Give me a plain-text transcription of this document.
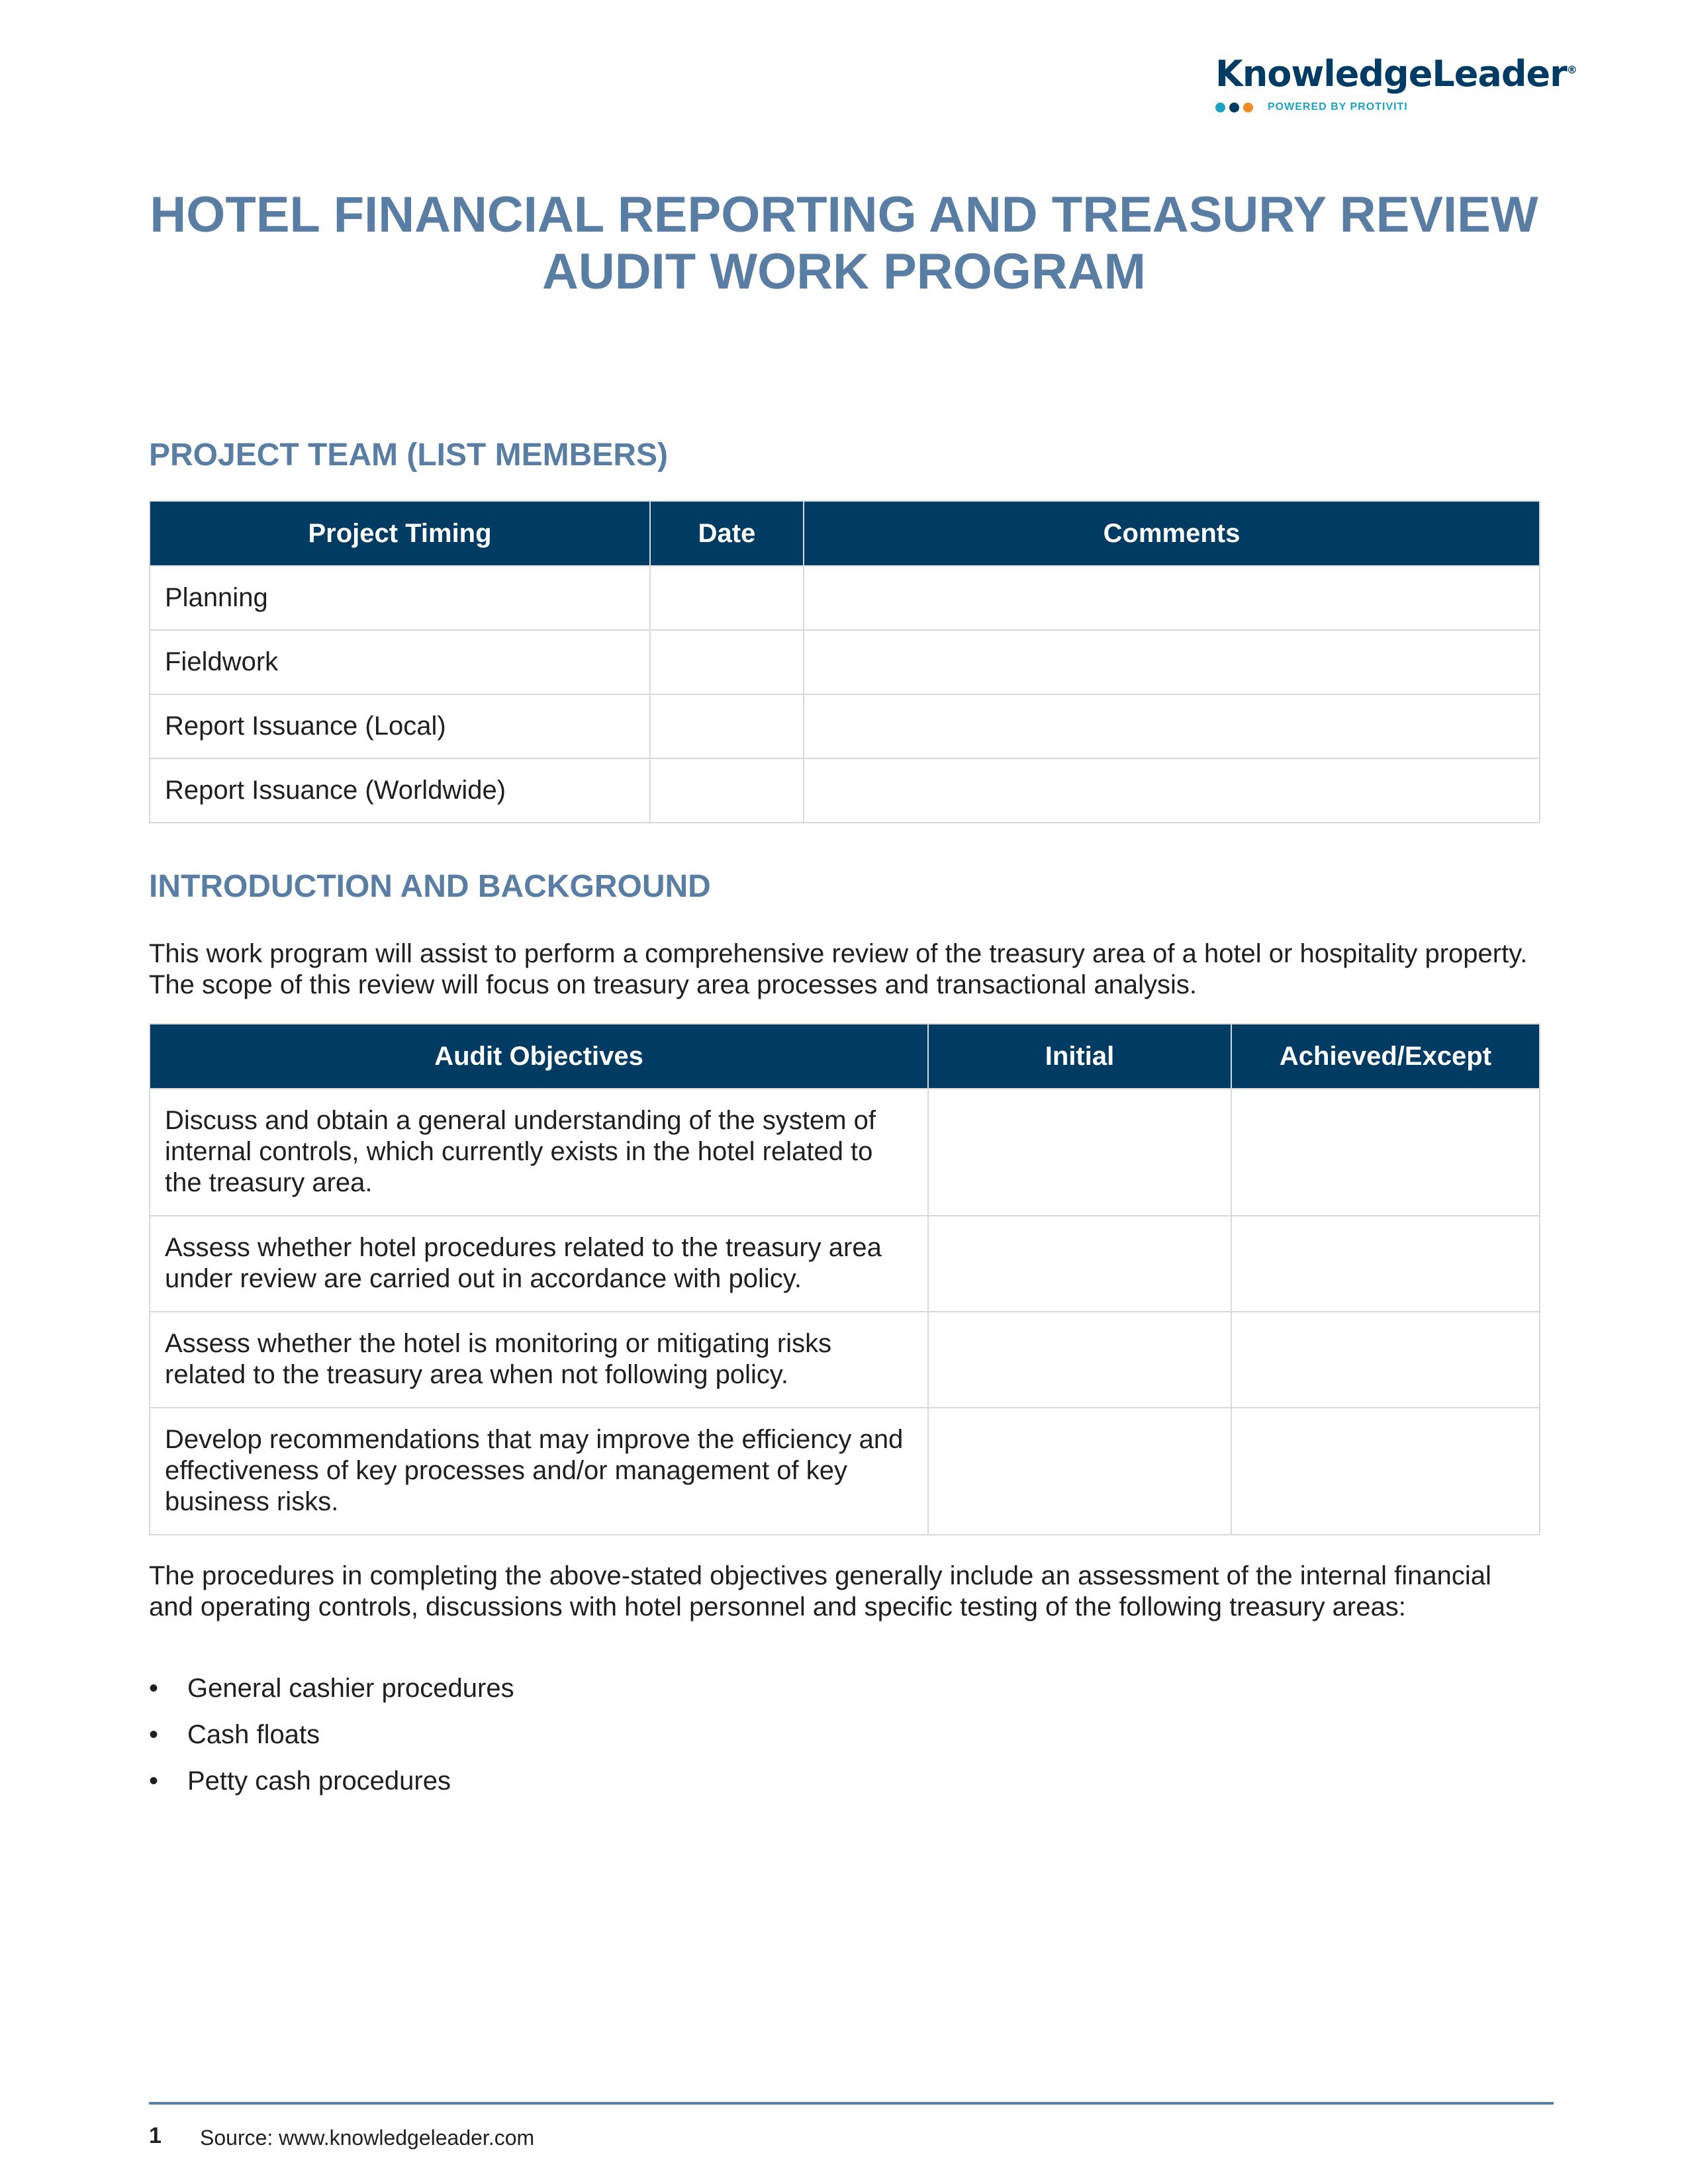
KnowledgeLeader®
POWERED BY PROTIVITI
HOTEL FINANCIAL REPORTING AND TREASURY REVIEW
AUDIT WORK PROGRAM
PROJECT TEAM (LIST MEMBERS)
Project Timing	Date	Comments
Planning		
Fieldwork		
Report Issuance (Local)		
Report Issuance (Worldwide)		
INTRODUCTION AND BACKGROUND

This work program will assist to perform a comprehensive review of the treasury area of a hotel or hospitality property. The scope of this review will focus on treasury area processes and transactional analysis.

Audit Objectives	Initial	Achieved/Except
Discuss and obtain a general understanding of the system of internal controls, which currently exists in the hotel related to the treasury area.		
Assess whether hotel procedures related to the treasury area under review are carried out in accordance with policy.		
Assess whether the hotel is monitoring or mitigating risks related to the treasury area when not following policy.		
Develop recommendations that may improve the efficiency and effectiveness of key processes and/or management of key business risks.		

The procedures in completing the above-stated objectives generally include an assessment of the internal financial and operating controls, discussions with hotel personnel and specific testing of the following treasury areas:

•	General cashier procedures
•	Cash floats
•	Petty cash procedures
1 Source: www.knowledgeleader.com
